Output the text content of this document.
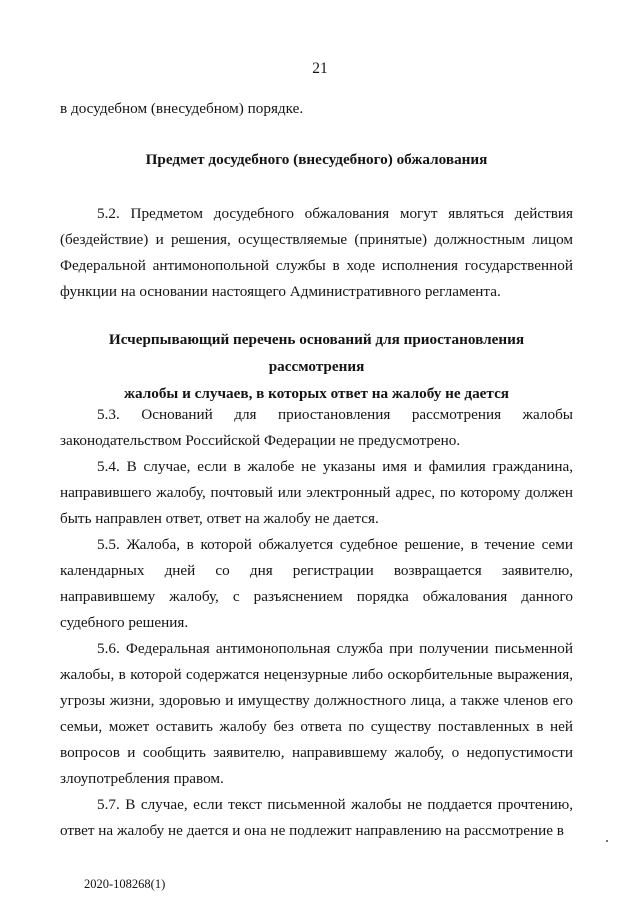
21
в досудебном (внесудебном) порядке.
Предмет досудебного (внесудебного) обжалования

5.2. Предметом досудебного обжалования могут являться действия (бездействие) и решения, осуществляемые (принятые) должностным лицом Федеральной антимонопольной службы в ходе исполнения государственной функции на основании настоящего Административного регламента.

Исчерпывающий перечень оснований для приостановления рассмотрения
жалобы и случаев, в которых ответ на жалобу не дается

5.3. Оснований для приостановления рассмотрения жалобы законодательством Российской Федерации не предусмотрено.

5.4. В случае, если в жалобе не указаны имя и фамилия гражданина, направившего жалобу, почтовый или электронный адрес, по которому должен быть направлен ответ, ответ на жалобу не дается.

5.5. Жалоба, в которой обжалуется судебное решение, в течение семи календарных дней со дня регистрации возвращается заявителю, направившему жалобу, с разъяснением порядка обжалования данного судебного решения.

5.6. Федеральная антимонопольная служба при получении письменной жалобы, в которой содержатся нецензурные либо оскорбительные выражения, угрозы жизни, здоровью и имуществу должностного лица, а также членов его семьи, может оставить жалобу без ответа по существу поставленных в ней вопросов и сообщить заявителю, направившему жалобу, о недопустимости злоупотребления правом.

5.7. В случае, если текст письменной жалобы не поддается прочтению, ответ на жалобу не дается и она не подлежит направлению на рассмотрение в

2020-108268(1)
